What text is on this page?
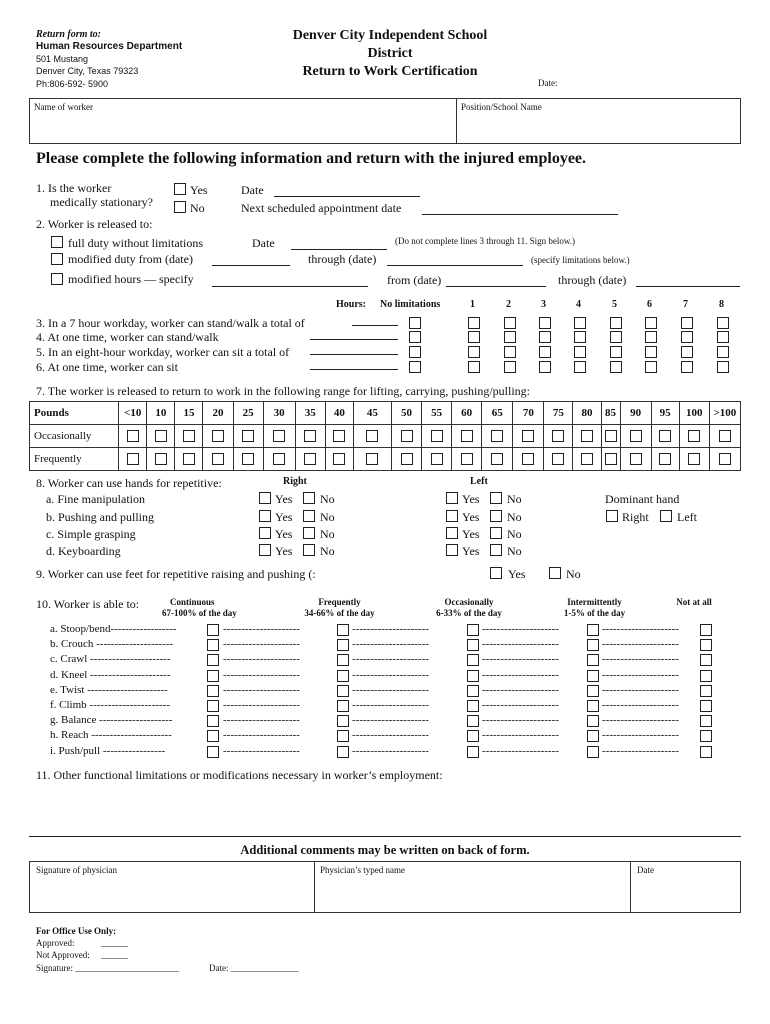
Return form to:
Human Resources Department
501 Mustang
Denver City, Texas 79323
Ph:806-592- 5900
Denver City Independent School
District
Return to Work Certification
Date:
Name of worker	Position/School Name
Please complete the following information and return with the injured employee.
1. Is the worker
medically stationary?
Yes
No
Date
Next scheduled appointment date
2. Worker is released to:
full duty without limitations	Date	(Do not complete lines 3 through 11. Sign below.)
modified duty from (date)	through (date)	(specify limitations below.)
modified hours — specify	from (date)	through (date)
Hours: No limitations	1	2	3	4	5	6	7	8
3. In a 7 hour workday, worker can stand/walk a total of
4. At one time, worker can stand/walk
5. In an eight-hour workday, worker can sit a total of
6. At one time, worker can sit
7. The worker is released to return to work in the following range for lifting, carrying, pushing/pulling:
Pounds	<10	10	15	20	25	30	35	40	45	50	55	60	65	70	75	80	85	90	95	100	>100
Occasionally																					
Frequently																					
8. Worker can use hands for repetitive:	Right	Left
a. Fine manipulation	Yes No	Yes No
b. Pushing and pulling	Yes No	Yes No
c. Simple grasping	Yes No	Yes No
d. Keyboarding	Yes No	Yes No
Dominant hand
Right Left
9. Worker can use feet for repetitive raising and pushing (:	Yes	No
10. Worker is able to:	Continuous	Frequently	Occasionally	Intermittently	Not at all
67-100% of the day	34-66% of the day	6-33% of the day	1-5% of the day
a. Stoop/bend------------------	---------------------	---------------------	---------------------	---------------------
b. Crouch ---------------------	---------------------	---------------------	---------------------	---------------------
c. Crawl ----------------------	---------------------	---------------------	---------------------	---------------------
d. Kneel ----------------------	---------------------	---------------------	---------------------	---------------------
e. Twist ----------------------	---------------------	---------------------	---------------------	---------------------
f. Climb ----------------------	---------------------	---------------------	---------------------	---------------------
g. Balance --------------------	---------------------	---------------------	---------------------	---------------------
h. Reach ----------------------	---------------------	---------------------	---------------------	---------------------
i. Push/pull -----------------	---------------------	---------------------	---------------------	---------------------
11. Other functional limitations or modifications necessary in worker’s employment:
Additional comments may be written on back of form.
Signature of physician	Physician’s typed name	Date
For Office Use Only:
Approved:	______
Not Approved: ______
Signature: _______________________	Date: _______________
